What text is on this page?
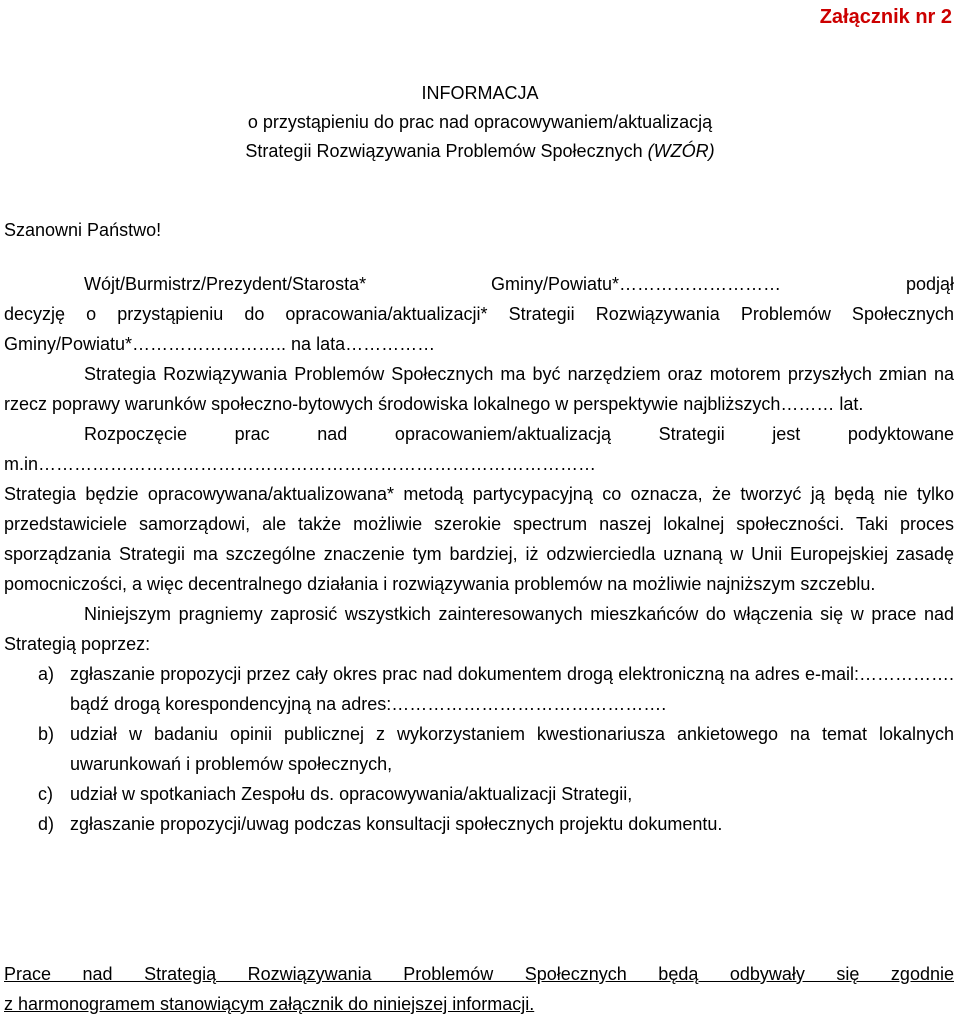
Załącznik nr 2
INFORMACJA
o przystąpieniu do prac nad opracowywaniem/aktualizacją
Strategii Rozwiązywania Problemów Społecznych (WZÓR)
Szanowni Państwo!

Wójt/Burmistrz/Prezydent/Starosta* Gminy/Powiatu*………………………	podjął

decyzję o przystąpieniu do opracowania/aktualizacji* Strategii Rozwiązywania Problemów Społecznych Gminy/Powiatu*…………………….. na lata……………

Strategia Rozwiązywania Problemów Społecznych ma być narzędziem oraz motorem przyszłych zmian na rzecz poprawy warunków społeczno-bytowych środowiska lokalnego w perspektywie najbliższych……… lat.

Rozpoczęcie prac nad opracowaniem/aktualizacją Strategii jest podyktowane m.in…………………………………………………………………………………

Strategia będzie opracowywana/aktualizowana* metodą partycypacyjną co oznacza, że tworzyć ją będą nie tylko przedstawiciele samorządowi, ale także możliwie szerokie spectrum naszej lokalnej społeczności. Taki proces sporządzania Strategii ma szczególne znaczenie tym bardziej, iż odzwierciedla uznaną w Unii Europejskiej zasadę pomocniczości, a więc decentralnego działania i rozwiązywania problemów na możliwie najniższym szczeblu.

Niniejszym pragniemy zaprosić wszystkich zainteresowanych mieszkańców do włączenia się w prace nad Strategią poprzez:

a) zgłaszanie propozycji przez cały okres prac nad dokumentem drogą elektroniczną na adres e-mail:……………. bądź drogą korespondencyjną na adres:……………………………………….
b) udział w badaniu opinii publicznej z wykorzystaniem kwestionariusza ankietowego na temat lokalnych uwarunkowań i problemów społecznych,
c) udział w spotkaniach Zespołu ds. opracowywania/aktualizacji Strategii,
d) zgłaszanie propozycji/uwag podczas konsultacji społecznych projektu dokumentu.

Prace nad Strategią Rozwiązywania Problemów Społecznych będą odbywały się zgodnie

z harmonogramem stanowiącym załącznik do niniejszej informacji.
